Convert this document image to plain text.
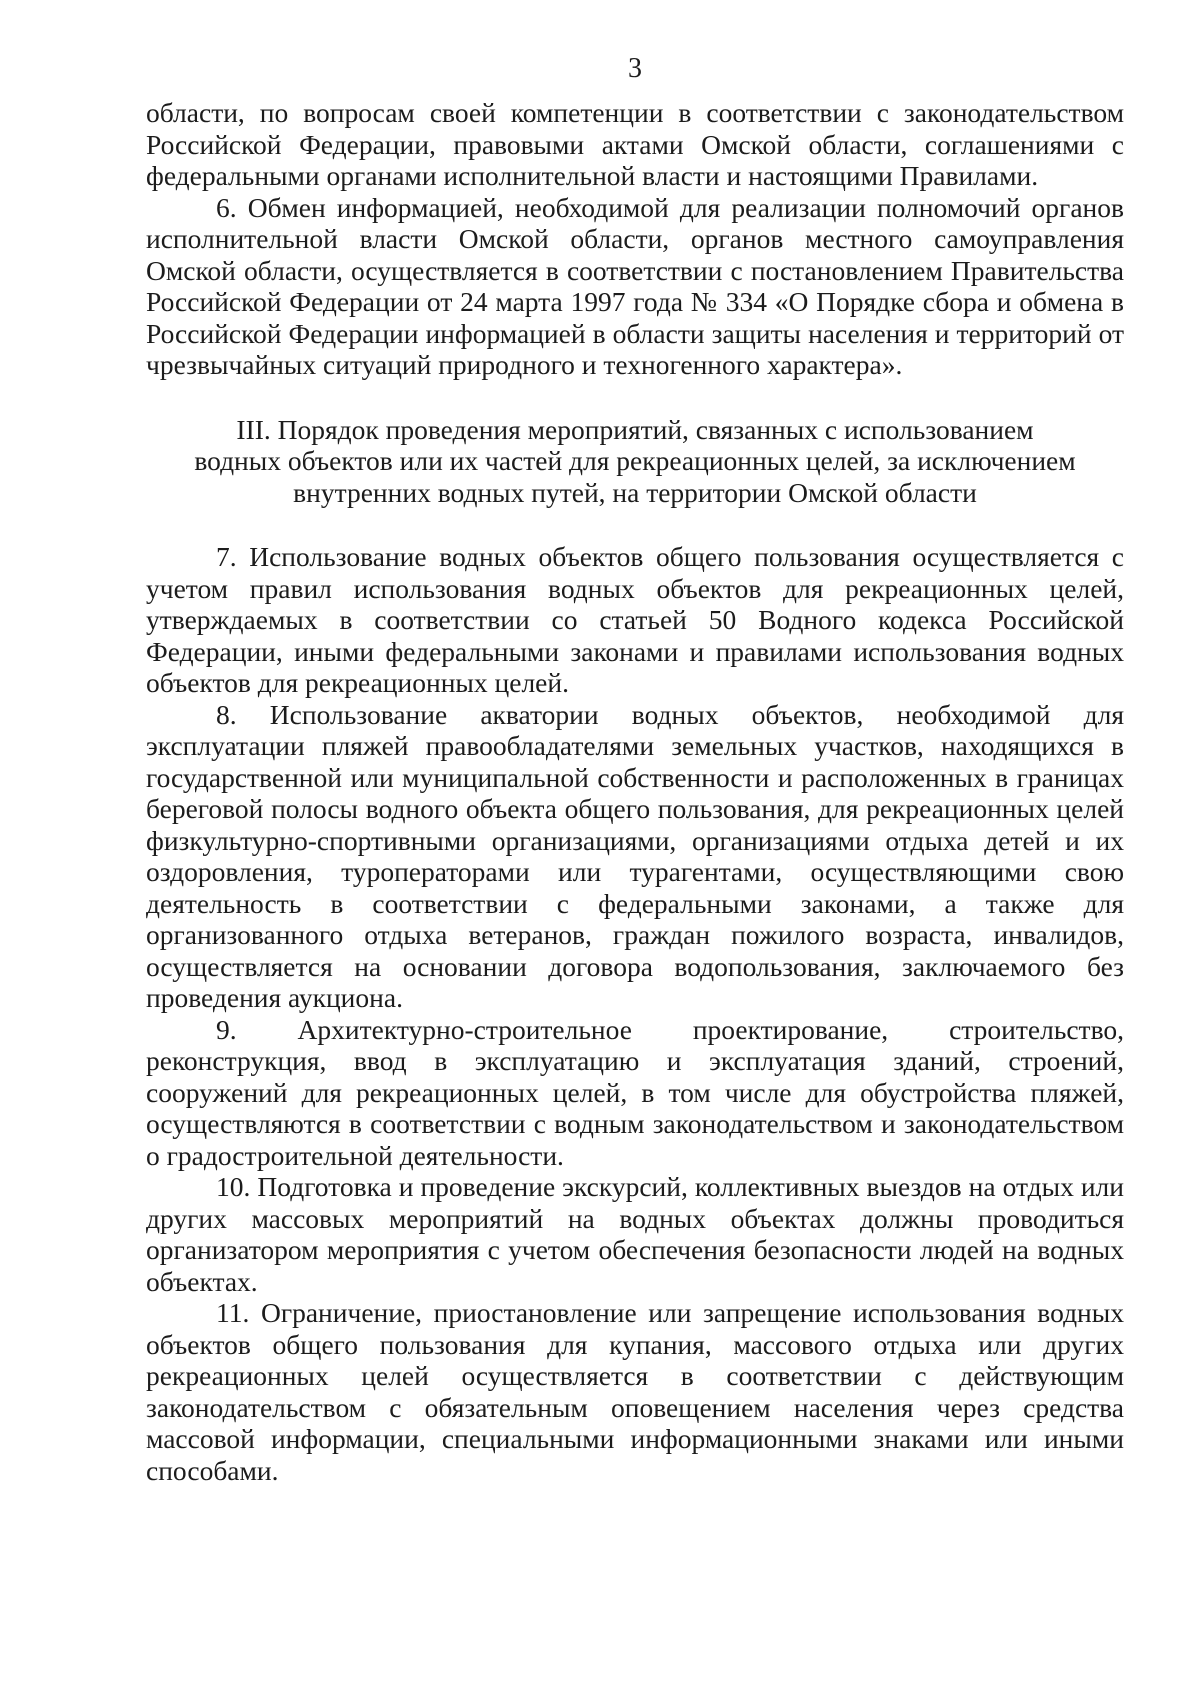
3

области, по вопросам своей компетенции в соответствии с законодательством Российской Федерации, правовыми актами Омской области, соглашениями с федеральными органами исполнительной власти и настоящими Правилами.

6. Обмен информацией, необходимой для реализации полномочий органов исполнительной власти Омской области, органов местного самоуправления Омской области, осуществляется в соответствии с постановлением Правительства Российской Федерации от 24 марта 1997 года № 334 «О Порядке сбора и обмена в Российской Федерации информацией в области защиты населения и территорий от чрезвычайных ситуаций природного и техногенного характера».

III. Порядок проведения мероприятий, связанных с использованием
водных объектов или их частей для рекреационных целей, за исключением
внутренних водных путей, на территории Омской области

7. Использование водных объектов общего пользования осуществляется с учетом правил использования водных объектов для рекреационных целей, утверждаемых в соответствии со статьей 50 Водного кодекса Российской Федерации, иными федеральными законами и правилами использования водных объектов для рекреационных целей.

8. Использование акватории водных объектов, необходимой для эксплуатации пляжей правообладателями земельных участков, находящихся в государственной или муниципальной собственности и расположенных в границах береговой полосы водного объекта общего пользования, для рекреационных целей физкультурно-спортивными организациями, организациями отдыха детей и их оздоровления, туроператорами или турагентами, осуществляющими свою деятельность в соответствии с федеральными законами, а также для организованного отдыха ветеранов, граждан пожилого возраста, инвалидов, осуществляется на основании договора водопользования, заключаемого без проведения аукциона.

9. Архитектурно-строительное проектирование, строительство, реконструкция, ввод в эксплуатацию и эксплуатация зданий, строений, сооружений для рекреационных целей, в том числе для обустройства пляжей, осуществляются в соответствии с водным законодательством и законодательством о градостроительной деятельности.

10. Подготовка и проведение экскурсий, коллективных выездов на отдых или других массовых мероприятий на водных объектах должны проводиться организатором мероприятия с учетом обеспечения безопасности людей на водных объектах.

11. Ограничение, приостановление или запрещение использования водных объектов общего пользования для купания, массового отдыха или других рекреационных целей осуществляется в соответствии с действующим законодательством с обязательным оповещением населения через средства массовой информации, специальными информационными знаками или иными способами.
